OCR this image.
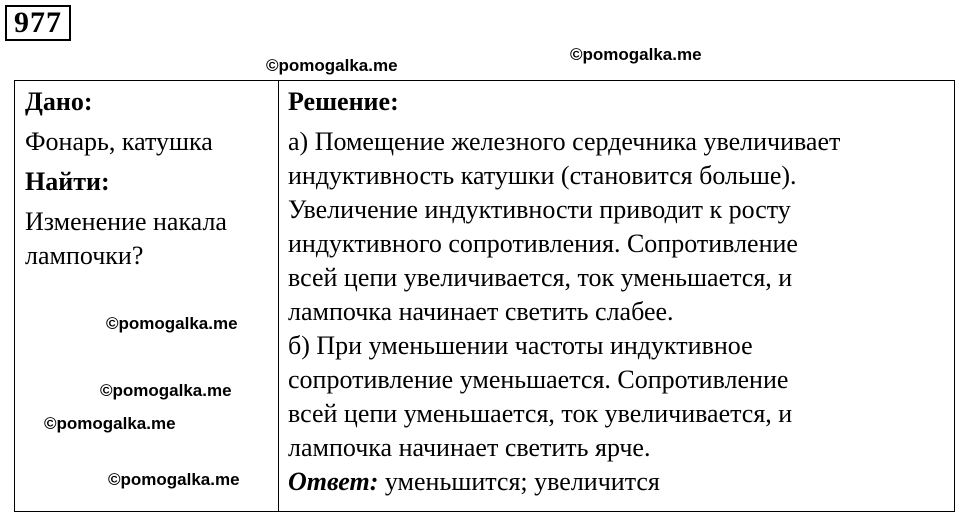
977
©pomogalka.me
©pomogalka.me
Дано:
Фонарь, катушка
Найти:
Изменение накала
лампочки?
Решение:
а) Помещение железного сердечника увеличивает
индуктивность катушки (становится больше).
Увеличение индуктивности приводит к росту
индуктивного сопротивления. Сопротивление
всей цепи увеличивается, ток уменьшается, и
лампочка начинает светить слабее.
б) При уменьшении частоты индуктивное
сопротивление уменьшается. Сопротивление
всей цепи уменьшается, ток увеличивается, и
лампочка начинает светить ярче.
Ответ: уменьшится; увеличится
©pomogalka.me
©pomogalka.me
©pomogalka.me
©pomogalka.me
